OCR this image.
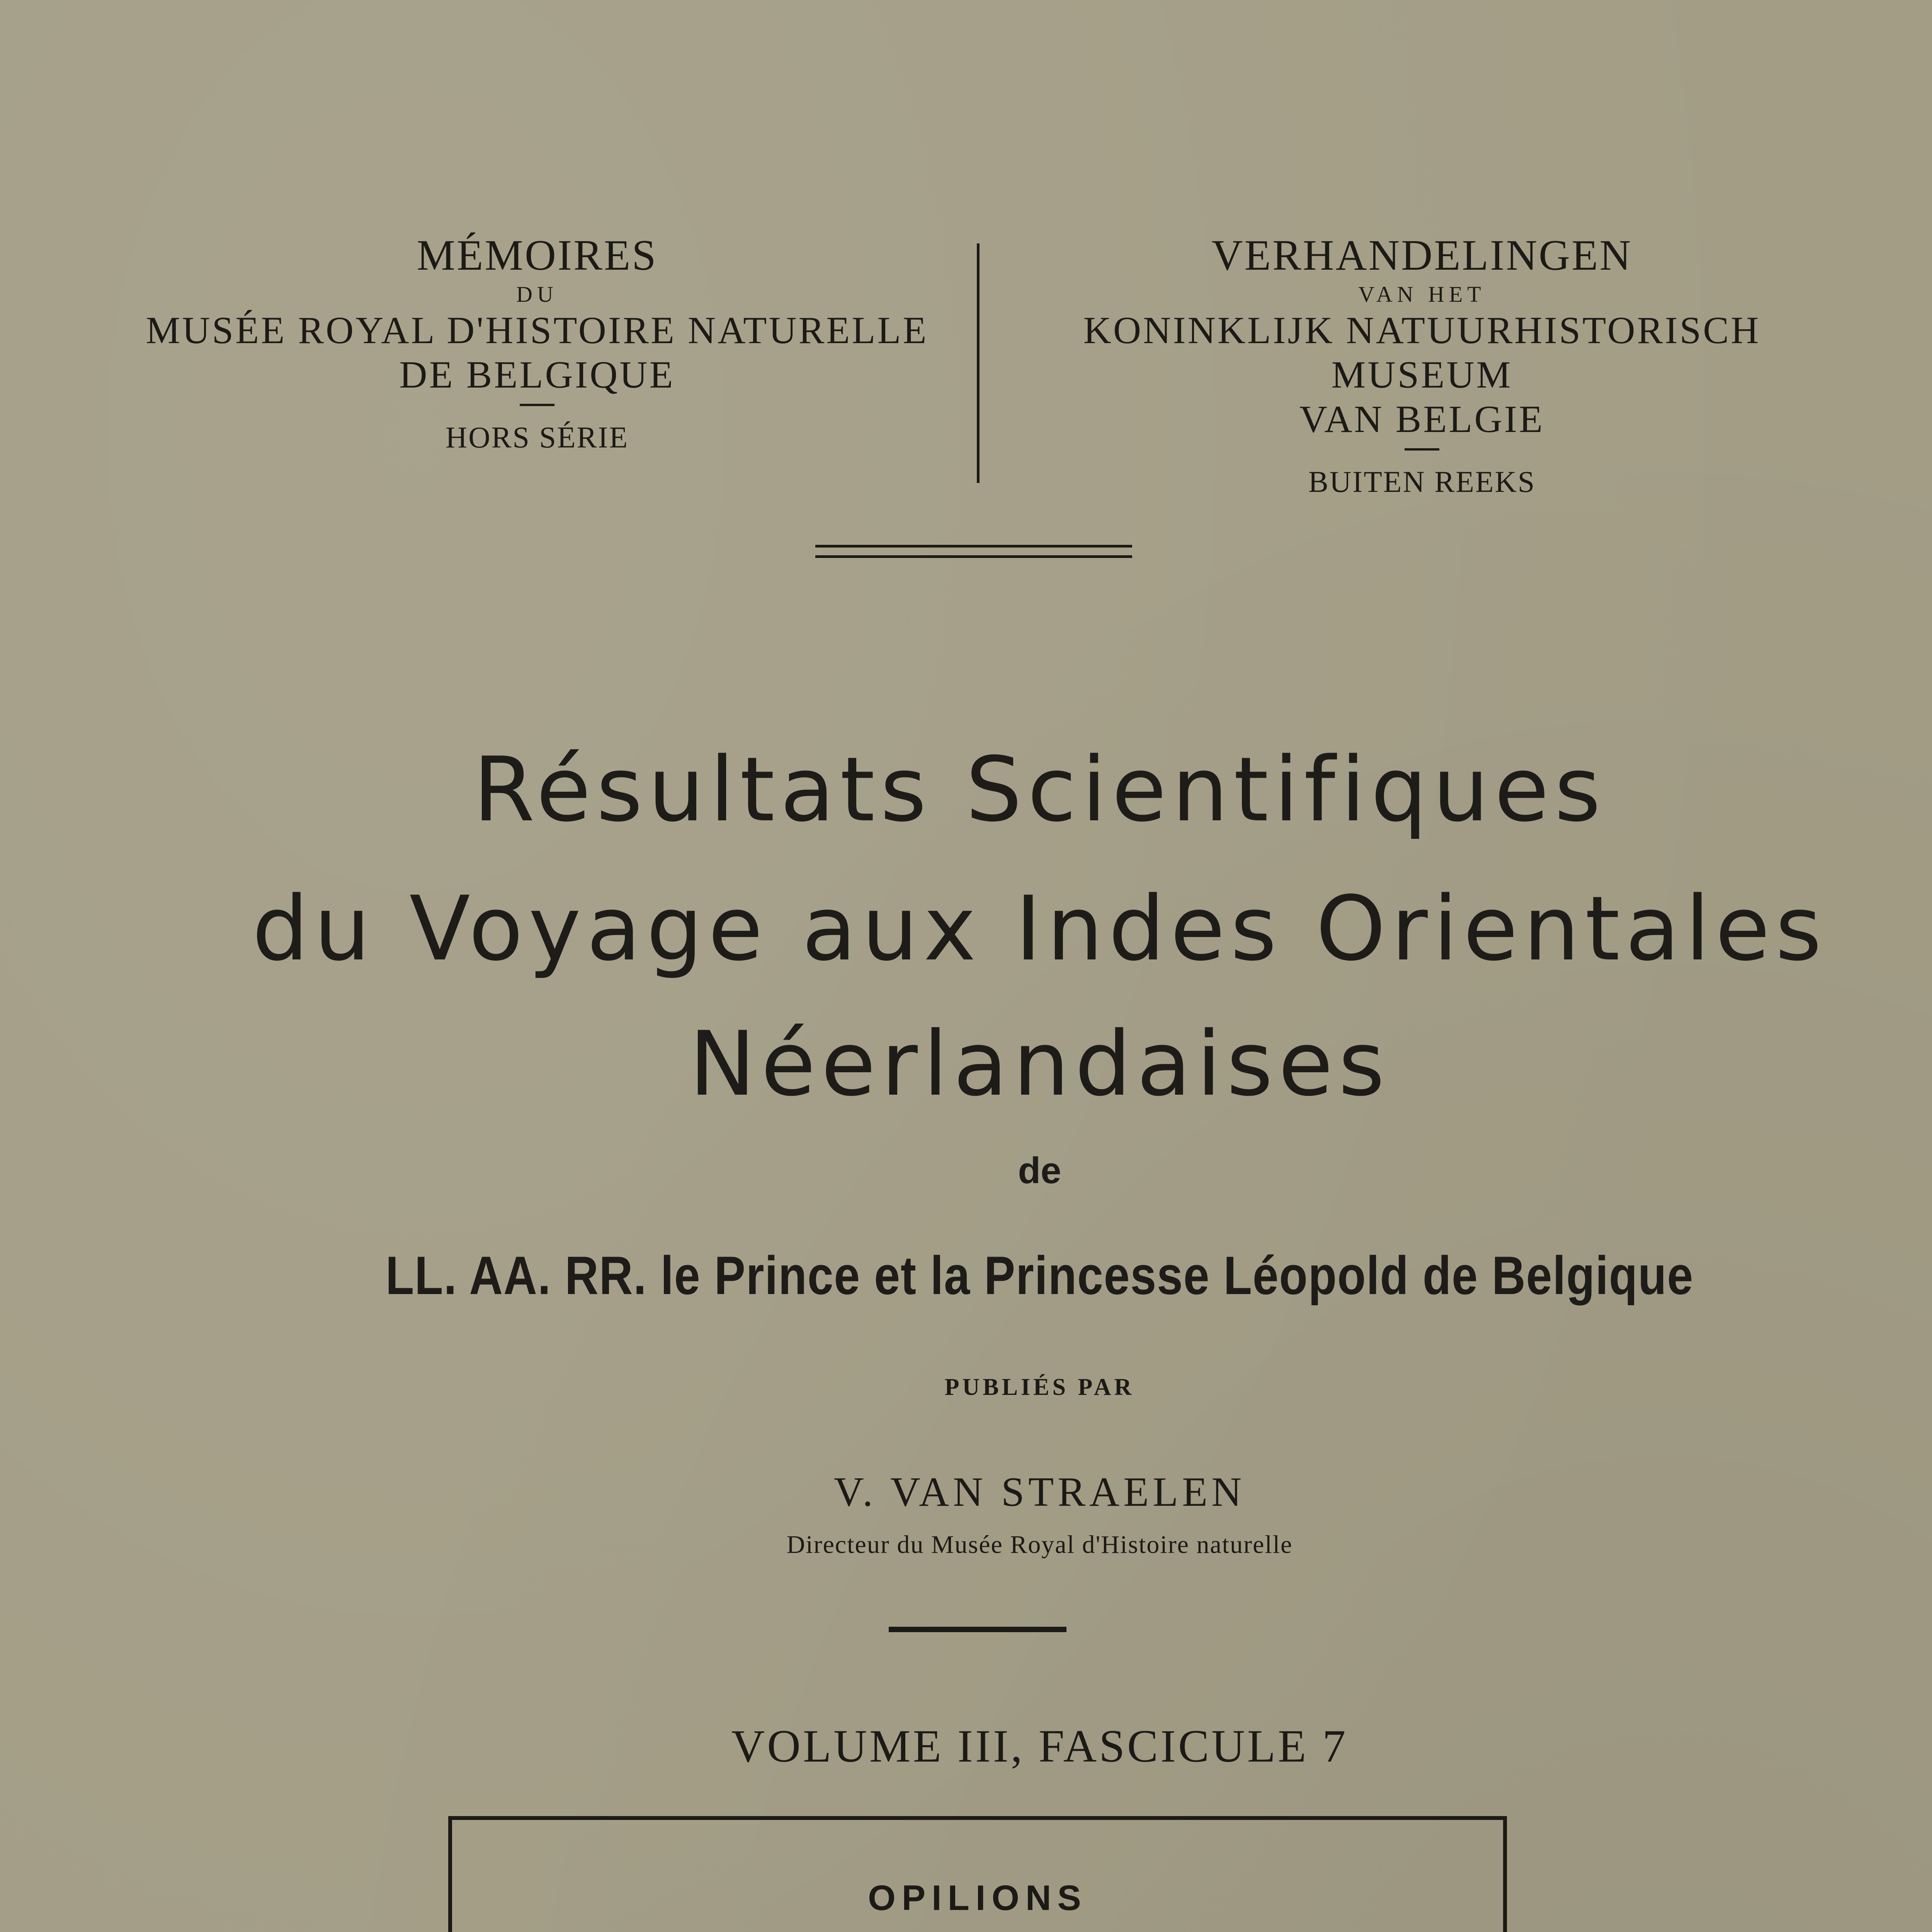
MÉMOIRES
DU
MUSÉE ROYAL D'HISTOIRE NATURELLE
DE BELGIQUE
HORS SÉRIE
VERHANDELINGEN
VAN HET
KONINKLIJK NATUURHISTORISCH MUSEUM
VAN BELGIE
BUITEN REEKS
Résultats Scientifiques
du Voyage aux Indes Orientales
Néerlandaises
de
LL. AA. RR. le Prince et la Princesse Léopold de Belgique
PUBLIÉS PAR
V. VAN STRAELEN
Directeur du Musée Royal d'Histoire naturelle
VOLUME III, FASCICULE 7
OPILIONS
